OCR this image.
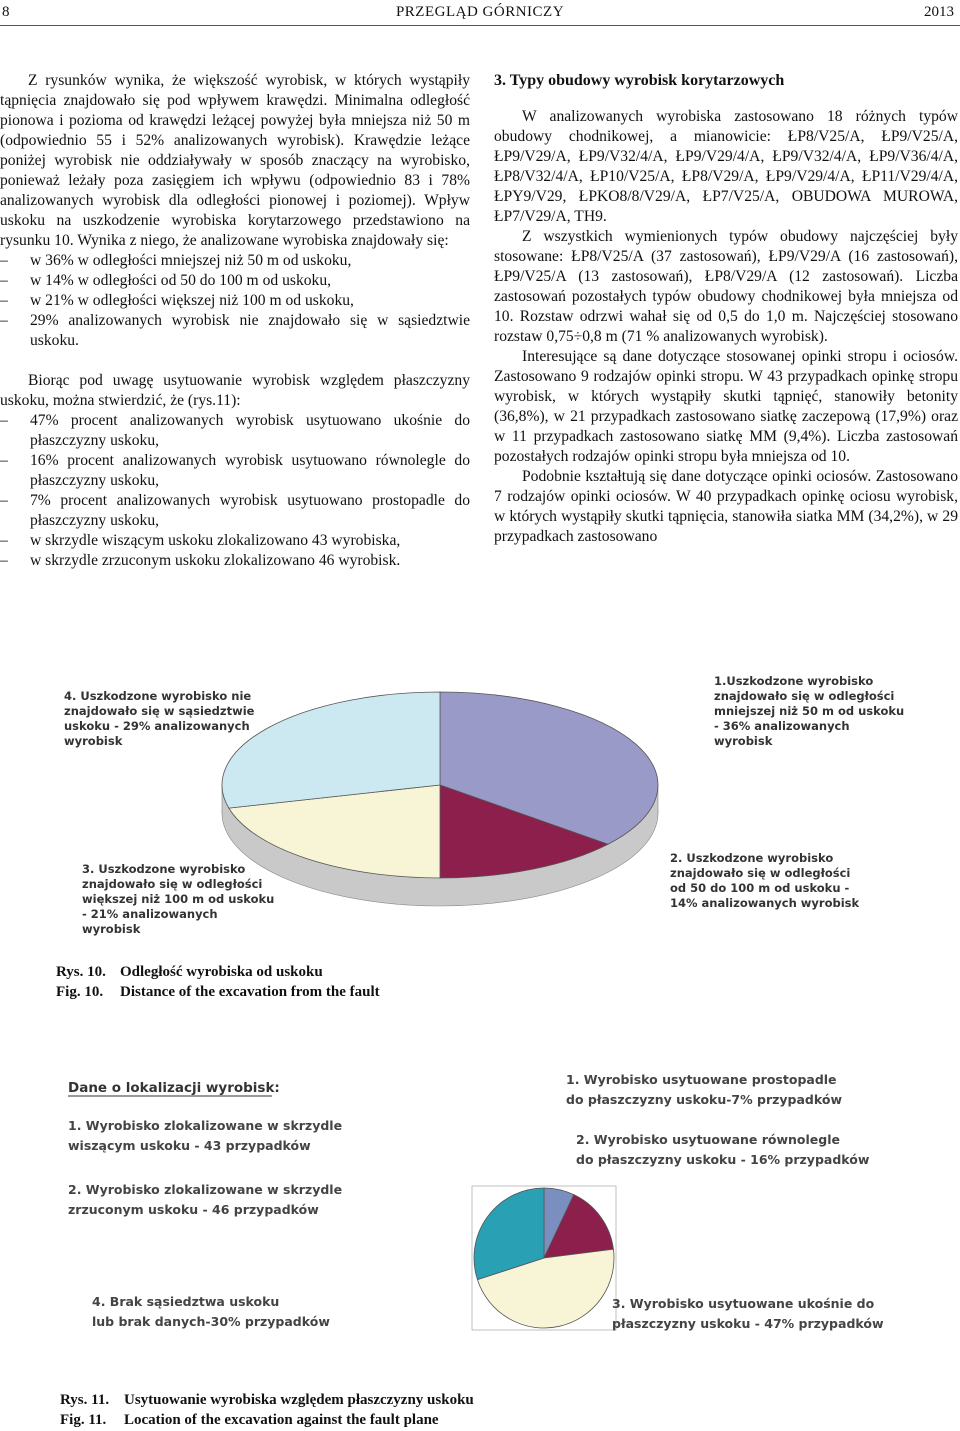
8	PRZEGLĄD GÓRNICZY	2013

Z rysunków wynika, że większość wyrobisk, w których wystąpiły tąpnięcia znajdowało się pod wpływem krawędzi. Minimalna odległość pionowa i pozioma od krawędzi leżącej powyżej była mniejsza niż 50 m (odpowiednio 55 i 52% analizowanych wyrobisk). Krawędzie leżące poniżej wyrobisk nie oddziaływały w sposób znaczący na wyrobisko, ponieważ leżały poza zasięgiem ich wpływu (odpowiednio 83 i 78% analizowanych wyrobisk dla odległości pionowej i poziomej). Wpływ uskoku na uszkodzenie wyrobiska korytarzowego przedstawiono na rysunku 10. Wynika z niego, że analizowane wyrobiska znajdowały się:

– w 36% w odległości mniejszej niż 50 m od uskoku,
– w 14% w odległości od 50 do 100 m od uskoku,
– w 21% w odległości większej niż 100 m od uskoku,
– 29% analizowanych wyrobisk nie znajdowało się w sąsiedztwie uskoku.

Biorąc pod uwagę usytuowanie wyrobisk względem płaszczyzny uskoku, można stwierdzić, że (rys.11):

– 47% procent analizowanych wyrobisk usytuowano ukośnie do płaszczyzny uskoku,
– 16% procent analizowanych wyrobisk usytuowano równolegle do płaszczyzny uskoku,
– 7% procent analizowanych wyrobisk usytuowano prostopadle do płaszczyzny uskoku,
– w skrzydle wiszącym uskoku zlokalizowano 43 wyrobiska,
– w skrzydle zrzuconym uskoku zlokalizowano 46 wyrobisk.

3. Typy obudowy wyrobisk korytarzowych

W analizowanych wyrobiska zastosowano 18 różnych typów obudowy chodnikowej, a mianowicie: ŁP8/V25/A, ŁP9/V25/A, ŁP9/V29/A, ŁP9/V32/4/A, ŁP9/V29/4/A, ŁP9/V32/4/A, ŁP9/V36/4/A, ŁP8/V32/4/A, ŁP10/V25/A, ŁP8/V29/A, ŁP9/V29/4/A, ŁP11/V29/4/A, ŁPY9/V29, ŁPKO8/8/V29/A, ŁP7/V25/A, OBUDOWA MUROWA, ŁP7/V29/A, TH9.

Z wszystkich wymienionych typów obudowy najczęściej były stosowane: ŁP8/V25/A (37 zastosowań), ŁP9/V29/A (16 zastosowań), ŁP9/V25/A (13 zastosowań), ŁP8/V29/A (12 zastosowań). Liczba zastosowań pozostałych typów obudowy chodnikowej była mniejsza od 10. Rozstaw odrzwi wahał się od 0,5 do 1,0 m. Najczęściej stosowano rozstaw 0,75÷0,8 m (71 % analizowanych wyrobisk).

Interesujące są dane dotyczące stosowanej opinki stropu i ociosów. Zastosowano 9 rodzajów opinki stropu. W 43 przypadkach opinkę stropu wyrobisk, w których wystąpiły skutki tąpnięć, stanowiły betonity (36,8%), w 21 przypadkach zastosowano siatkę zaczepową (17,9%) oraz w 11 przypadkach zastosowano siatkę MM (9,4%). Liczba zastosowań pozostałych rodzajów opinki stropu była mniejsza od 10.

Podobnie kształtują się dane dotyczące opinki ociosów. Zastosowano 7 rodzajów opinki ociosów. W 40 przypadkach opinkę ociosu wyrobisk, w których wystąpiły skutki tąpnięcia, stanowiła siatka MM (34,2%), w 29 przypadkach zastosowano

1.Uszkodzone wyrobisko znajdowało się w odległości mniejszej niż 50 m od uskoku - 36% analizowanych wyrobisk
2. Uszkodzone wyrobisko znajdowało się w odległości od 50 do 100 m od uskoku -14% analizowanych wyrobisk
3. Uszkodzone wyrobisko znajdowało się w odległości większej niż 100 m od uskoku - 21% analizowanych wyrobisk
4. Uszkodzone wyrobisko nie znajdowało się w sąsiedztwie uskoku - 29% analizowanych wyrobisk
Rys. 10. Odległość wyrobiska od uskoku
Fig. 10. Distance of the excavation from the fault
Dane o lokalizacji wyrobisk:
1. Wyrobisko zlokalizowane w skrzydle wiszącym uskoku - 43 przypadków
2. Wyrobisko zlokalizowane w skrzydle zrzuconym uskoku - 46 przypadków
1. Wyrobisko usytuowane prostopadle do płaszczyzny uskoku-7% przypadków
2. Wyrobisko usytuowane równolegle do płaszczyzny uskoku - 16% przypadków
3. Wyrobisko usytuowane ukośnie do płaszczyzny uskoku - 47% przypadków
4. Brak sąsiedztwa uskoku lub brak danych-30% przypadków
Rys. 11. Usytuowanie wyrobiska względem płaszczyzny uskoku
Fig. 11. Location of the excavation against the fault plane
